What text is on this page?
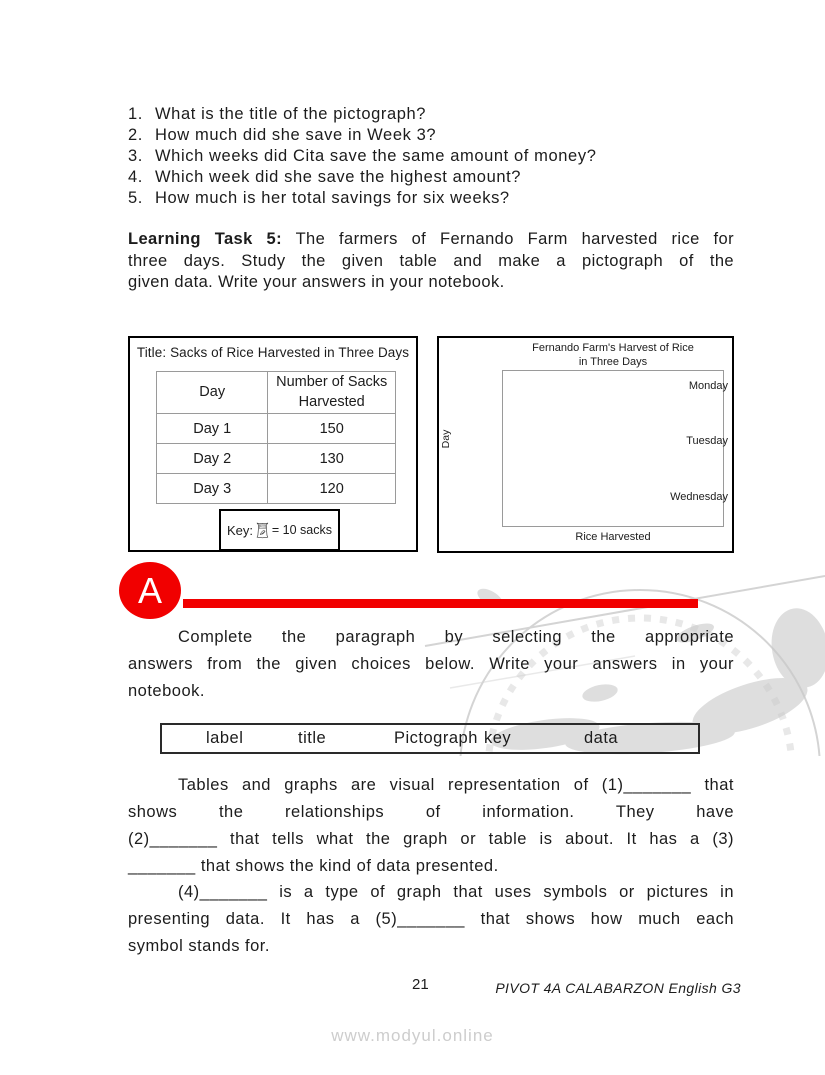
1. What is the title of the pictograph?
2. How much did she save in Week 3?
3. Which weeks did Cita save the same amount of money?
4. Which week did she save the highest amount?
5. How much is her total savings for six weeks?
Learning Task 5: The farmers of Fernando Farm harvested rice for
three days. Study the given table and make a pictograph of the
given data. Write your answers in your notebook.
Title: Sacks of Rice Harvested in Three Days
Day	Number of Sacks
Harvested

Day 1	150
Day 2	130
Day 3	120
Key: RICE = 10 sacks
Fernando Farm's Harvest of Rice
in Three Days
Monday
Tuesday
Wednesday
Day
Rice Harvested
A
Complete the paragraph by selecting the appropriate
answers from the given choices below. Write your answers in your
notebook.
label	title	Pictograph key	data
Tables and graphs are visual representation of (1)_______ that
shows the relationships of information. They have
(2)_______ that tells what the graph or table is about. It has a (3)
_______ that shows the kind of data presented.
(4)_______ is a type of graph that uses symbols or pictures in
presenting data. It has a (5)_______ that shows how much each
symbol stands for.
21	PIVOT 4A CALABARZON English G3
www.modyul.online
